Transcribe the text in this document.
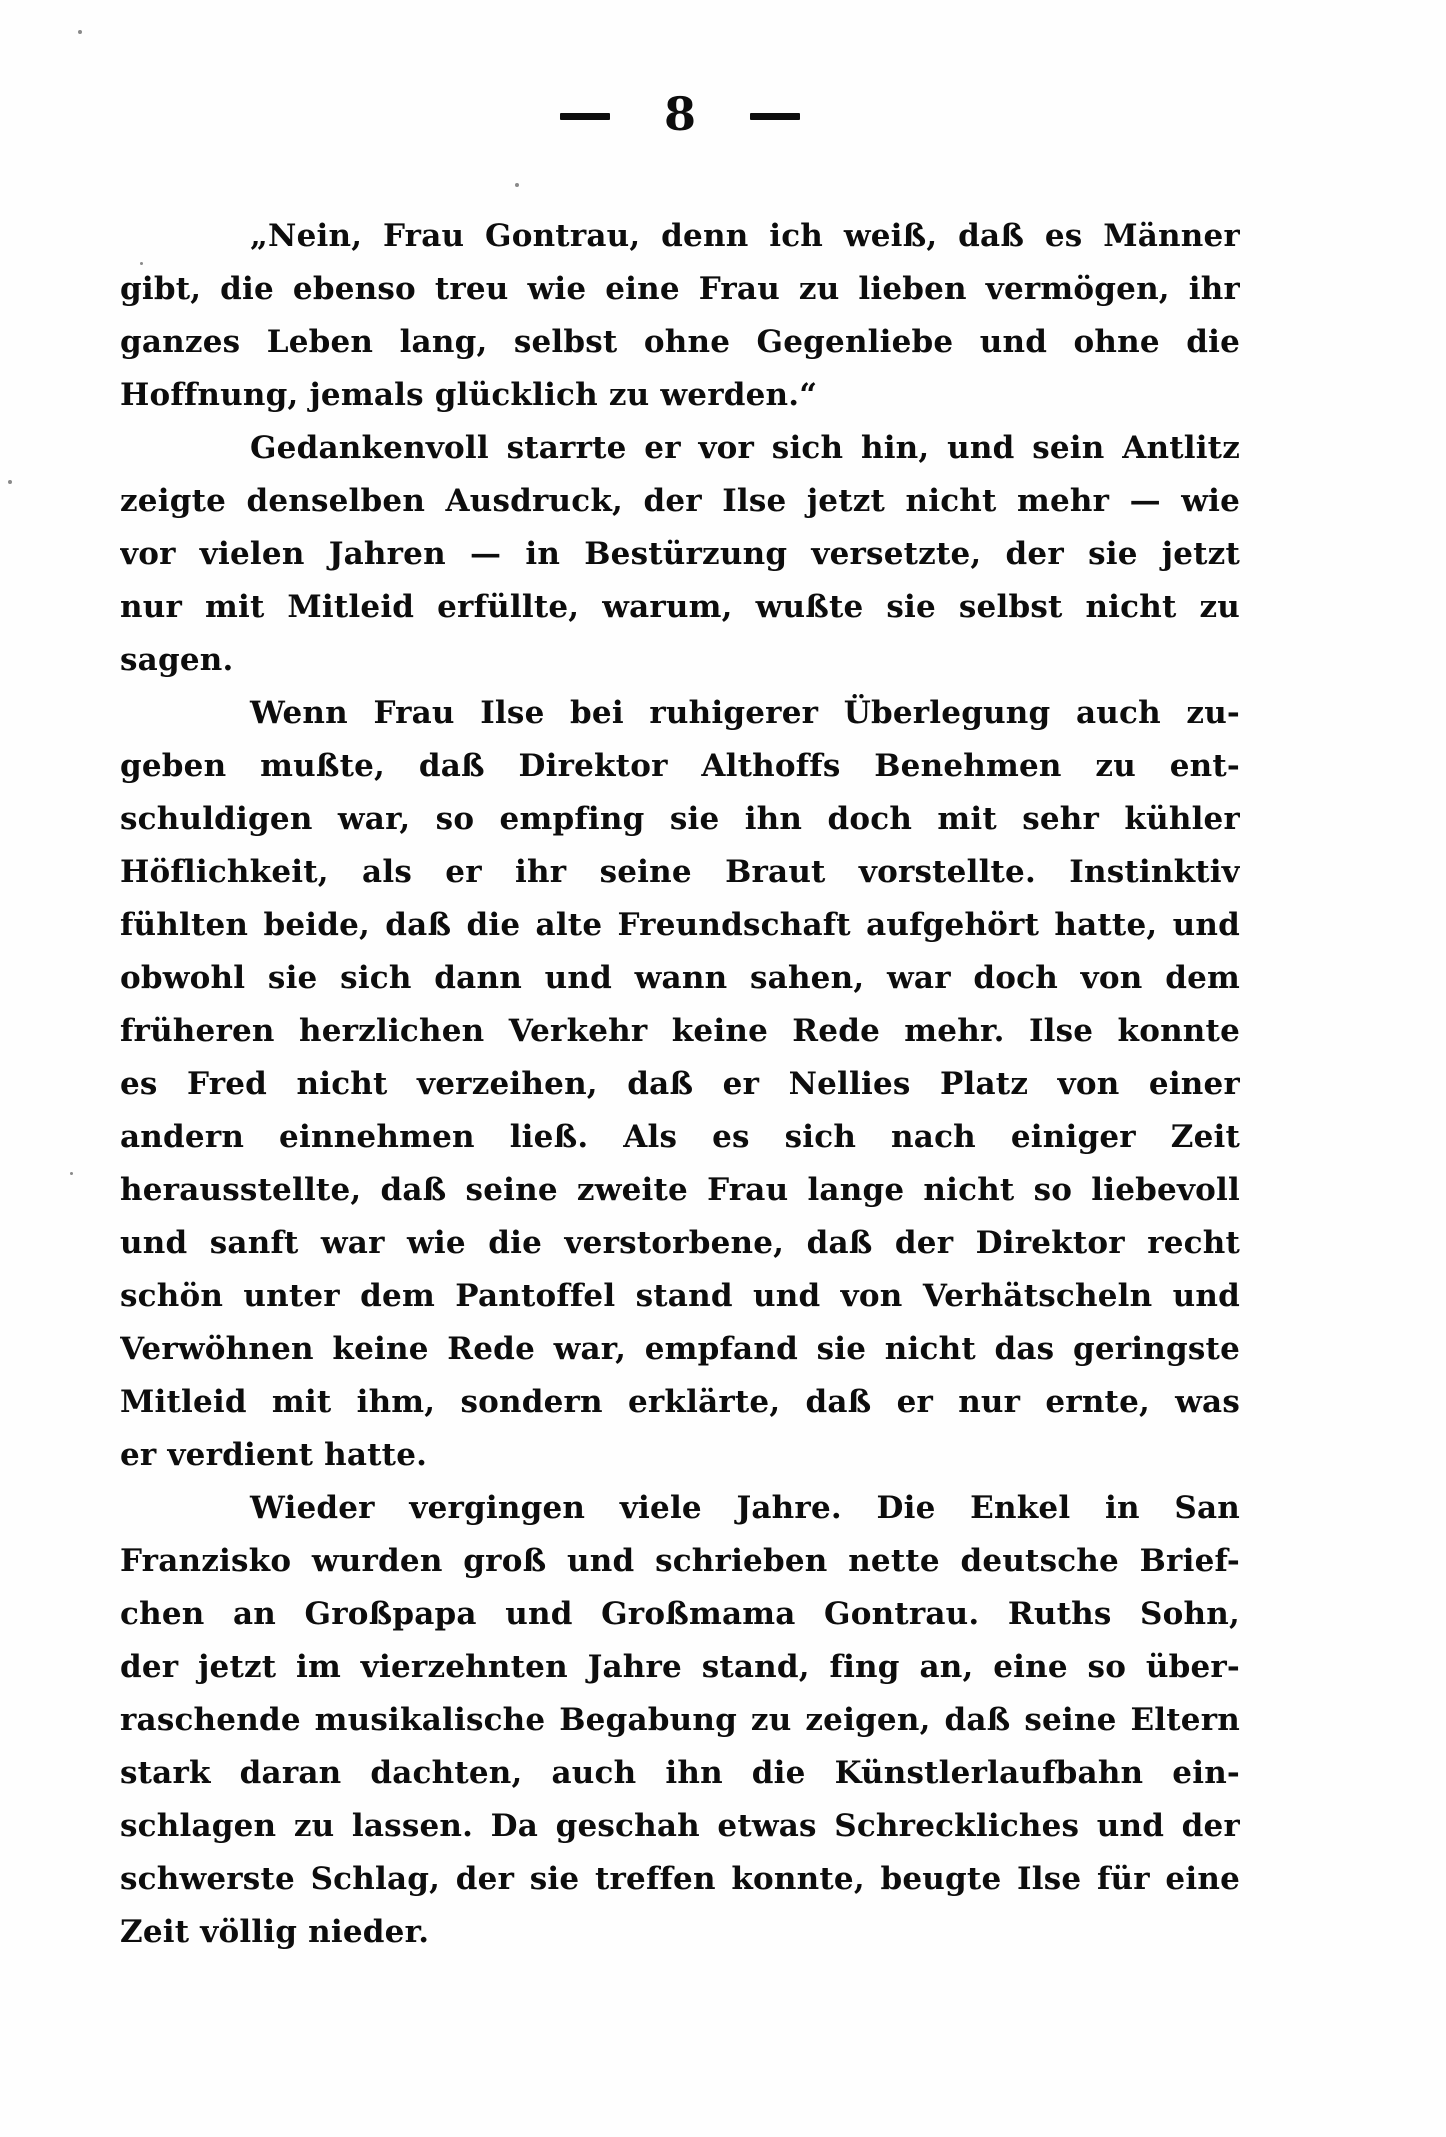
8
„Nein, Frau Gontrau, denn ich weiß, daß es Männer
gibt, die ebenso treu wie eine Frau zu lieben vermögen, ihr
ganzes Leben lang, selbst ohne Gegenliebe und ohne die
Hoffnung, jemals glücklich zu werden.“
Gedankenvoll starrte er vor sich hin, und sein Antlitz
zeigte denselben Ausdruck, der Ilse jetzt nicht mehr — wie
vor vielen Jahren — in Bestürzung versetzte, der sie jetzt
nur mit Mitleid erfüllte, warum, wußte sie selbst nicht zu
sagen.
Wenn Frau Ilse bei ruhigerer Überlegung auch zu-
geben mußte, daß Direktor Althoffs Benehmen zu ent-
schuldigen war, so empfing sie ihn doch mit sehr kühler
Höflichkeit, als er ihr seine Braut vorstellte. Instinktiv
fühlten beide, daß die alte Freundschaft aufgehört hatte, und
obwohl sie sich dann und wann sahen, war doch von dem
früheren herzlichen Verkehr keine Rede mehr. Ilse konnte
es Fred nicht verzeihen, daß er Nellies Platz von einer
andern einnehmen ließ. Als es sich nach einiger Zeit
herausstellte, daß seine zweite Frau lange nicht so liebevoll
und sanft war wie die verstorbene, daß der Direktor recht
schön unter dem Pantoffel stand und von Verhätscheln und
Verwöhnen keine Rede war, empfand sie nicht das geringste
Mitleid mit ihm, sondern erklärte, daß er nur ernte, was
er verdient hatte.
Wieder vergingen viele Jahre. Die Enkel in San
Franzisko wurden groß und schrieben nette deutsche Brief-
chen an Großpapa und Großmama Gontrau. Ruths Sohn,
der jetzt im vierzehnten Jahre stand, fing an, eine so über-
raschende musikalische Begabung zu zeigen, daß seine Eltern
stark daran dachten, auch ihn die Künstlerlaufbahn ein-
schlagen zu lassen. Da geschah etwas Schreckliches und der
schwerste Schlag, der sie treffen konnte, beugte Ilse für eine
Zeit völlig nieder.
